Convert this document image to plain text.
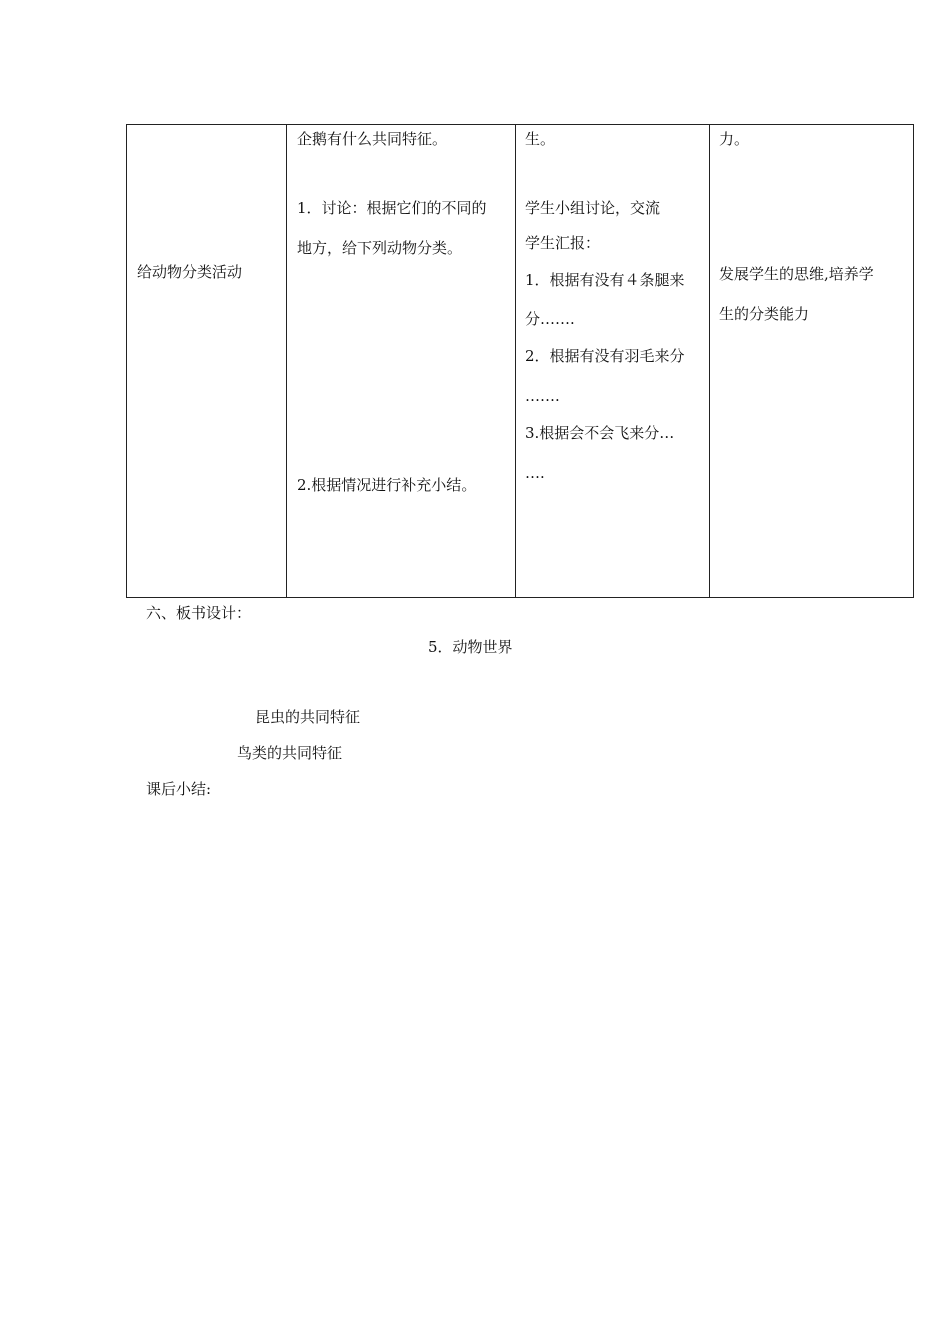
给动物分类活动

企鹅有什么共同特征。
1．讨论：根据它们的不同的
地方，给下列动物分类。
2.根据情况进行补充小结。

生。
学生小组讨论，交流
学生汇报：
1．根据有没有４条腿来
分…….
2．根据有没有羽毛来分
…….
3.根据会不会飞来分…
….

力。
发展学生的思维,培养学
生的分类能力
六、板书设计：
5．动物世界
昆虫的共同特征
鸟类的共同特征
课后小结:
